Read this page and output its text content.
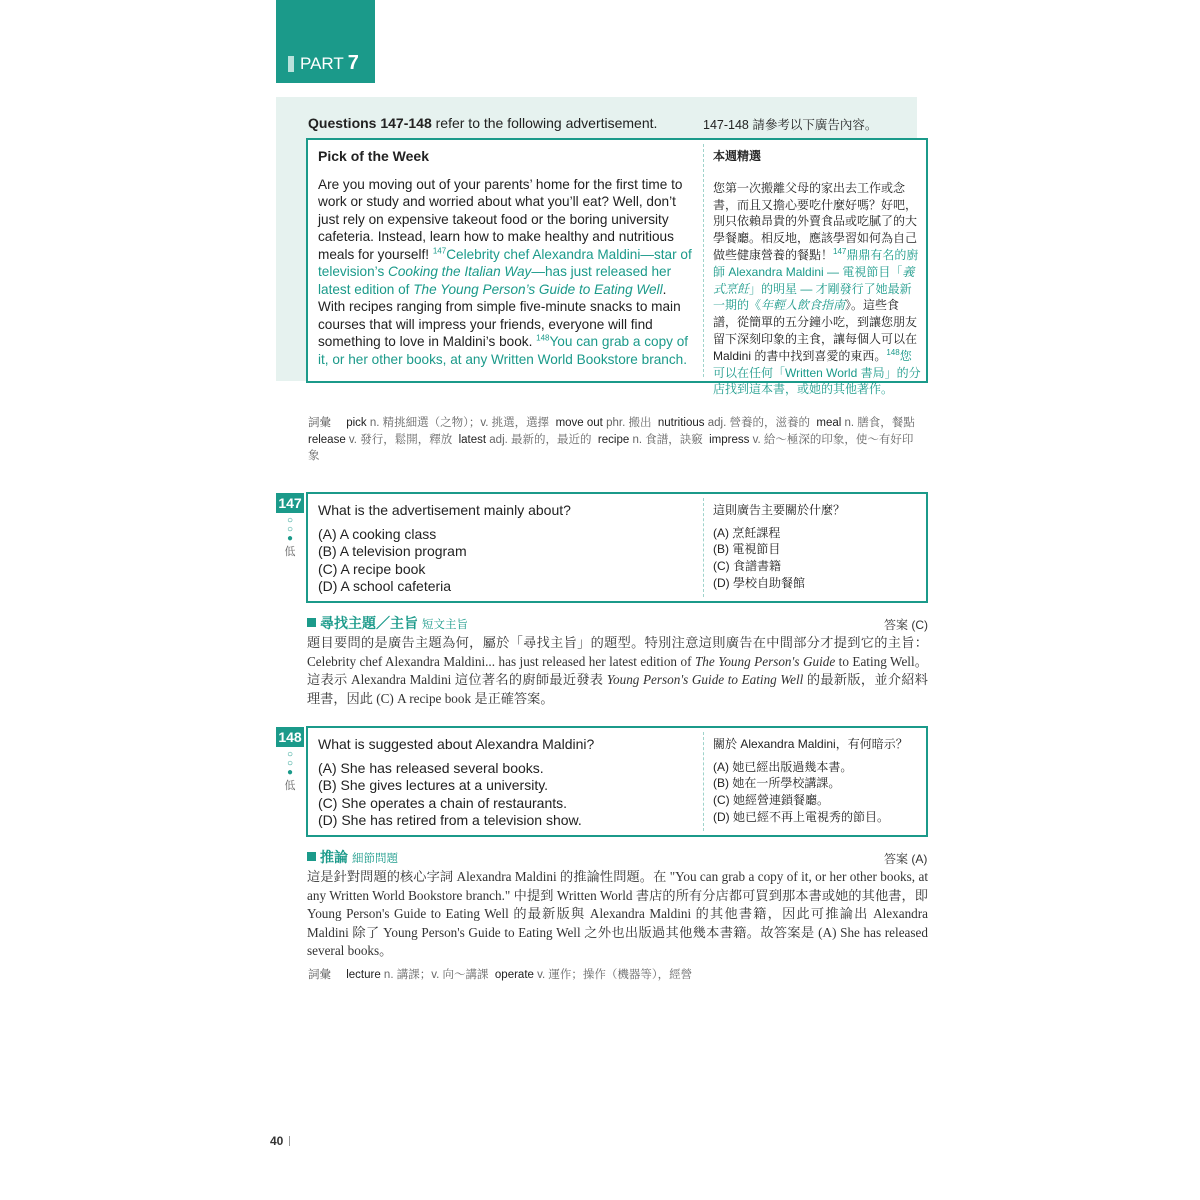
PART 7
Questions 147-148 refer to the following advertisement.	147-148 請參考以下廣告內容。
Pick of the Week
Are you moving out of your parents’ home for the first time to work or study and worried about what you’ll eat? Well, don’t just rely on expensive takeout food or the boring university cafeteria. Instead, learn how to make healthy and nutritious meals for yourself! $^{147}$Celebrity chef Alexandra Maldini—star of television’s Cooking the Italian Way—has just released her latest edition of The Young Person’s Guide to Eating Well. With recipes ranging from simple five-minute snacks to main courses that will impress your friends, everyone will find something to love in Maldini’s book. $^{148}$You can grab a copy of it, or her other books, at any Written World Bookstore branch.
本週精選
您第一次搬離父母的家出去工作或念書，而且又擔心要吃什麼好嗎？好吧，別只依賴昂貴的外賣食品或吃膩了的大學餐廳。相反地，應該學習如何為自己做些健康營養的餐點！$^{147}$鼎鼎有名的廚師 Alexandra Maldini — 電視節目「義式烹飪」的明星 — 才剛發行了她最新一期的《年輕人飲食指南》。這些食譜，從簡單的五分鐘小吃，到讓您朋友留下深刻印象的主食，讓每個人可以在 Maldini 的書中找到喜愛的東西。$^{148}$您可以在任何「Written World 書局」的分店找到這本書，或她的其他著作。
詞彙 pick n. 精挑細選（之物）；v. 挑選，選擇 move out phr. 搬出 nutritious adj. 營養的，滋養的 meal n. 膳食，餐點  release v. 發行，鬆開，釋放 latest adj. 最新的，最近的 recipe n. 食譜，訣竅 impress v. 給～極深的印象，使～有好印象
147
○
○
●
低
What is the advertisement mainly about?
(A) A cooking class
(B) A television program
(C) A recipe book
(D) A school cafeteria
這則廣告主要關於什麼？
(A) 烹飪課程
(B) 電視節目
(C) 食譜書籍
(D) 學校自助餐館
尋找主題／主旨 短文主旨	答案 (C)
題目要問的是廣告主題為何，屬於「尋找主旨」的題型。特別注意這則廣告在中間部分才提到它的主旨：Celebrity chef Alexandra Maldini... has just released her latest edition of The Young Person's Guide to Eating Well。這表示 Alexandra Maldini 這位著名的廚師最近發表 Young Person's Guide to Eating Well 的最新版，並介紹料理書，因此 (C) A recipe book 是正確答案。
148
○
○
●
低
What is suggested about Alexandra Maldini?
(A) She has released several books.
(B) She gives lectures at a university.
(C) She operates a chain of restaurants.
(D) She has retired from a television show.
關於 Alexandra Maldini，有何暗示？
(A) 她已經出版過幾本書。
(B) 她在一所學校講課。
(C) 她經營連鎖餐廳。
(D) 她已經不再上電視秀的節目。
推論 細節問題	答案 (A)
這是針對問題的核心字詞 Alexandra Maldini 的推論性問題。在 "You can grab a copy of it, or her other books, at any Written World Bookstore branch." 中提到 Written World 書店的所有分店都可買到那本書或她的其他書，即 Young Person's Guide to Eating Well 的最新版與 Alexandra Maldini 的其他書籍，因此可推論出 Alexandra Maldini 除了 Young Person's Guide to Eating Well 之外也出版過其他幾本書籍。故答案是 (A) She has released several books。
詞彙 lecture n. 講課；v. 向～講課 operate v. 運作；操作（機器等），經營
40
